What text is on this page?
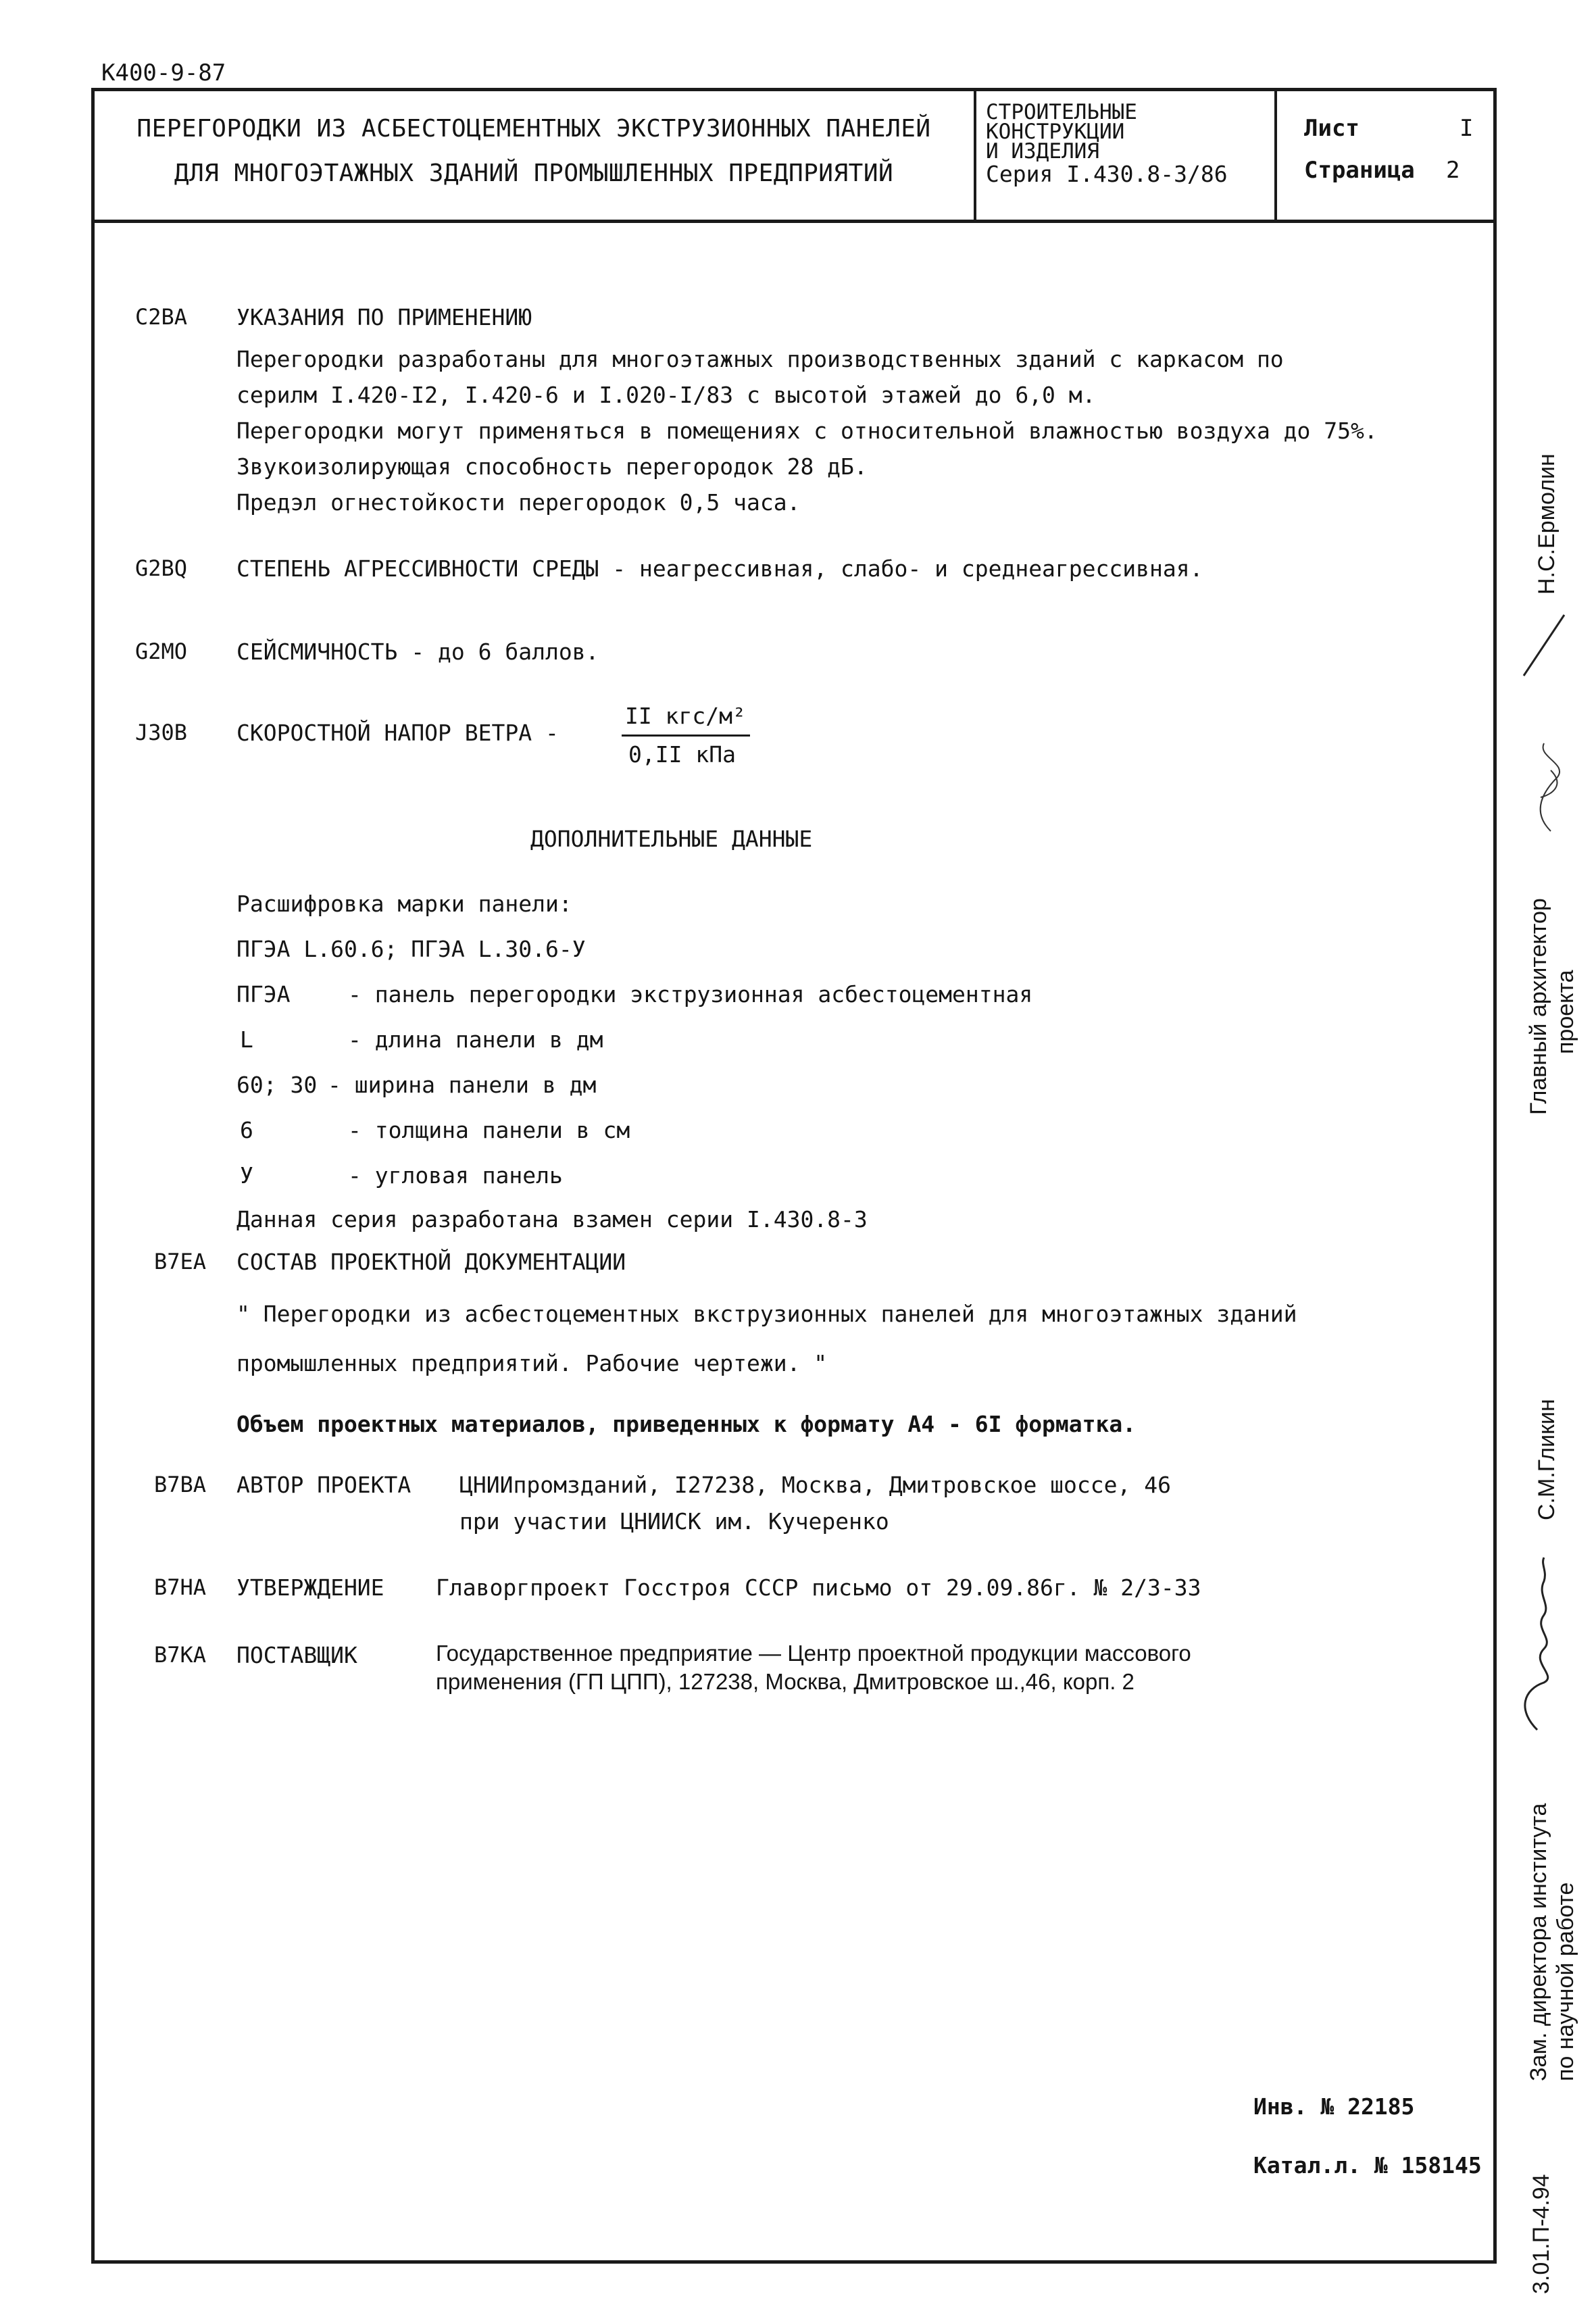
К400-9-87
ПЕРЕГОРОДКИ ИЗ АСБЕСТОЦЕМЕНТНЫХ ЭКСТРУЗИОННЫХ ПАНЕЛЕЙ
ДЛЯ МНОГОЭТАЖНЫХ ЗДАНИЙ ПРОМЫШЛЕННЫХ ПРЕДПРИЯТИЙ
СТРОИТЕЛЬНЫЕ
КОНСТРУКЦИИ
И ИЗДЕЛИЯ
Серия I.430.8-3/86
Лист	I
Страница 2
C2BA УКАЗАНИЯ ПО ПРИМЕНЕНИЮ
Перегородки разработаны для многоэтажных производственных зданий с каркасом по
серилм I.420-I2, I.420-6 и I.020-I/83 с высотой этажей до 6,0 м.
Перегородки могут применяться в помещениях с относительной влажностью воздуха до 75%.
Звукоизолирующая способность перегородок 28 дБ.
Предэл огнестойкости перегородок 0,5 часа.
G2BQ СТЕПЕНЬ АГРЕССИВНОСТИ СРЕДЫ - неагрессивная, слабо- и среднеагрессивная.
G2MO СЕЙСМИЧНОСТЬ - до 6 баллов.
J30B СКОРОСТНОЙ НАПОР ВЕТРА -
II кгс/м²
0,II кПа
ДОПОЛНИТЕЛЬНЫЕ ДАННЫЕ
Расшифровка марки панели:
ПГЭА L.60.6; ПГЭА L.30.6-У
ПГЭА	- панель перегородки экструзионная асбестоцементная
L	- длина панели в дм
60; 30 - ширина панели в дм
6	- толщина панели в см
У	- угловая панель
Данная серия разработана взамен серии I.430.8-3
B7EA СОСТАВ ПРОЕКТНОЙ ДОКУМЕНТАЦИИ
" Перегородки из асбестоцементных вкструзионных панелей для многоэтажных зданий
промышленных предприятий. Рабочие чертежи. "
Объем проектных материалов, приведенных к формату А4 - 6I форматка.
B7BA АВТОР ПРОЕКТА ЦНИИпромзданий, I27238, Москва, Дмитровское шоссе, 46
при участии ЦНИИСК им. Кучеренко
B7HA УТВЕРЖДЕНИЕ Главоргпроект Госстроя СССР письмо от 29.09.86г. № 2/3-33
B7KA ПОСТАВЩИК	Государственное предприятие — Центр проектной продукции массового
применения (ГП ЦПП), 127238, Москва, Дмитровское ш.,46, корп. 2
Инв. № 22185
Катал.л. № 158145
Н.С.Ермолин
Главный архитектор проекта
С.М.Гликин
Зам. директора института по научной работе
3.01.П-4.94
